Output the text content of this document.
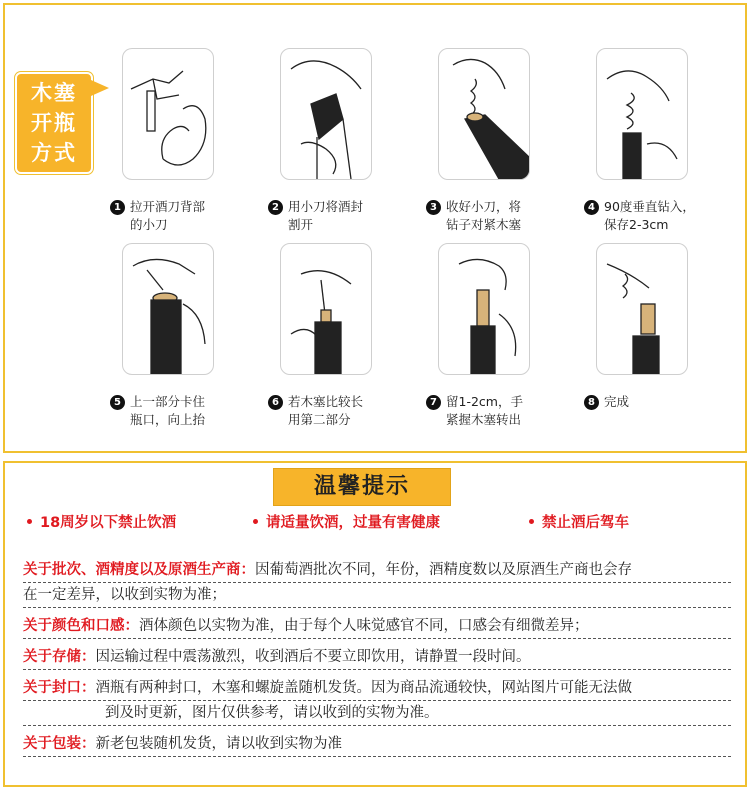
木塞
开瓶
方式
1 拉开酒刀背部
的小刀
2 用小刀将酒封
割开
3 收好小刀，将
钻子对紧木塞
4 90度垂直钻入，
保存2-3cm
5 上一部分卡住
瓶口，向上抬
6 若木塞比较长
用第二部分
7 留1-2cm，手
紧握木塞转出
8 完成
温馨提示
18周岁以下禁止饮酒	请适量饮酒，过量有害健康	禁止酒后驾车
关于批次、酒精度以及原酒生产商：因葡萄酒批次不同，年份，酒精度数以及原酒生产商也会存
在一定差异，以收到实物为准；
关于颜色和口感：酒体颜色以实物为准，由于每个人味觉感官不同，口感会有细微差异；
关于存储：因运输过程中震荡激烈，收到酒后不要立即饮用，请静置一段时间。
关于封口：酒瓶有两种封口，木塞和螺旋盖随机发货。因为商品流通较快，网站图片可能无法做
到及时更新，图片仅供参考，请以收到的实物为准。
关于包装：新老包装随机发货，请以收到实物为准
